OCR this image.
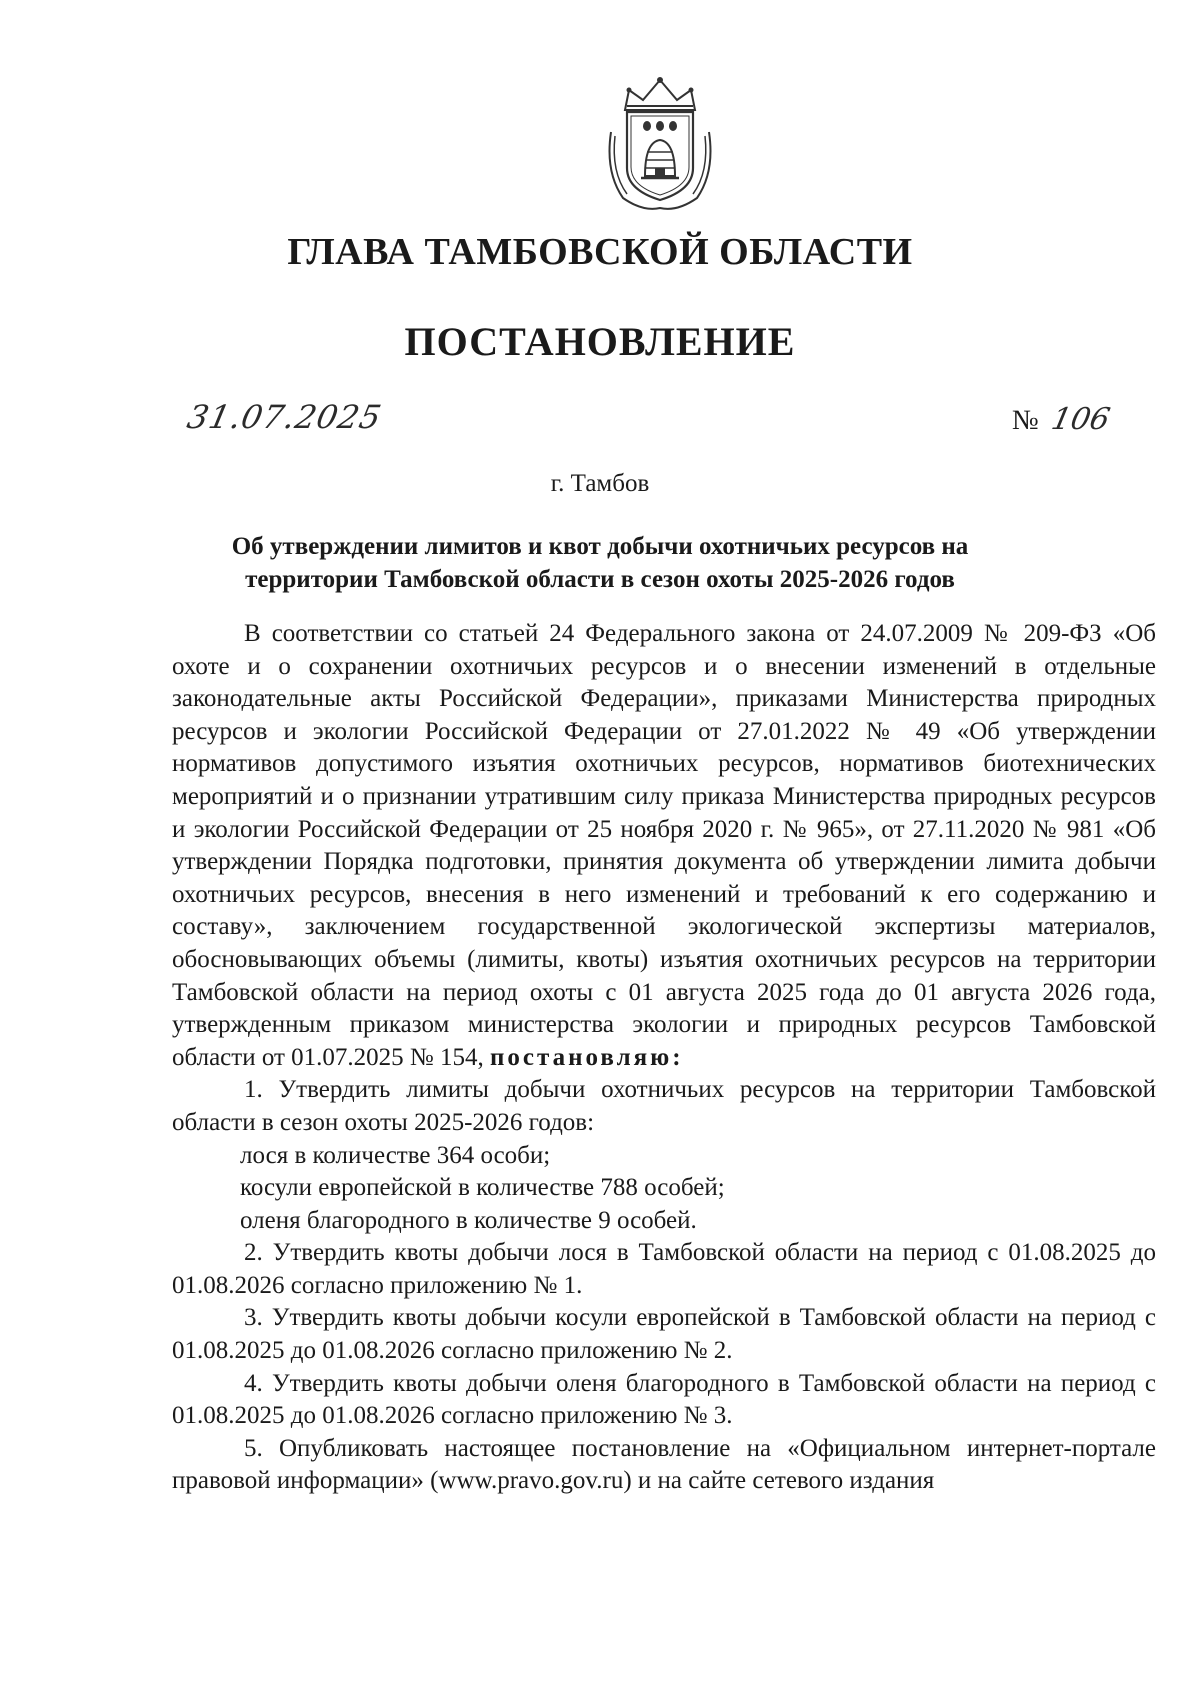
ГЛАВА ТАМБОВСКОЙ ОБЛАСТИ
ПОСТАНОВЛЕНИЕ
31.07.2025	№ 106
г. Тамбов
Об утверждении лимитов и квот добычи охотничьих ресурсов на территории Тамбовской области в сезон охоты 2025-2026 годов

В соответствии со статьей 24 Федерального закона от 24.07.2009 № 209-ФЗ «Об охоте и о сохранении охотничьих ресурсов и о внесении изменений в отдельные законодательные акты Российской Федерации», приказами Министерства природных ресурсов и экологии Российской Федерации от 27.01.2022 № 49 «Об утверждении нормативов допустимого изъятия охотничьих ресурсов, нормативов биотехнических мероприятий и о признании утратившим силу приказа Министерства природных ресурсов и экологии Российской Федерации от 25 ноября 2020 г. № 965», от 27.11.2020 № 981 «Об утверждении Порядка подготовки, принятия документа об утверждении лимита добычи охотничьих ресурсов, внесения в него изменений и требований к его содержанию и составу», заключением государственной экологической экспертизы материалов, обосновывающих объемы (лимиты, квоты) изъятия охотничьих ресурсов на территории Тамбовской области на период охоты с 01 августа 2025 года до 01 августа 2026 года, утвержденным приказом министерства экологии и природных ресурсов Тамбовской области от 01.07.2025 № 154, постановляю:

1. Утвердить лимиты добычи охотничьих ресурсов на территории Тамбовской области в сезон охоты 2025-2026 годов:

лося в количестве 364 особи;

косули европейской в количестве 788 особей;

оленя благородного в количестве 9 особей.

2. Утвердить квоты добычи лося в Тамбовской области на период с 01.08.2025 до 01.08.2026 согласно приложению № 1.

3. Утвердить квоты добычи косули европейской в Тамбовской области на период с 01.08.2025 до 01.08.2026 согласно приложению № 2.

4. Утвердить квоты добычи оленя благородного в Тамбовской области на период с 01.08.2025 до 01.08.2026 согласно приложению № 3.

5. Опубликовать настоящее постановление на «Официальном интернет-портале правовой информации» (www.pravo.gov.ru) и на сайте сетевого издания
